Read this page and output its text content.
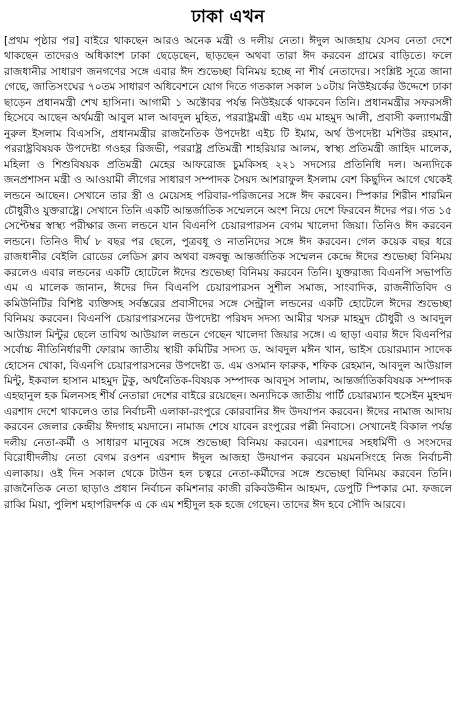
ঢাকা এখন

[প্রথম পৃষ্ঠার পর] বাইরে থাকছেন আরও অনেক মন্ত্রী ও দলীয় নেতা। ঈদুল আজহায় যেসব নেতা দেশে থাকছেন তাদেরও অধিকাংশ ঢাকা ছেড়েছেন, ছাড়ছেন অথবা তারা ঈদ করবেন গ্রামের বাড়িতে। ফলে রাজধানীর সাধারণ জনগণের সঙ্গে এবার ঈদ শুভেচ্ছা বিনিময় হচ্ছে না শীর্ষ নেতাদের। সংশ্লিষ্ট সূত্রে জানা গেছে, জাতিসংঘের ৭০তম সাধারণ অধিবেশনে যোগ দিতে গতকাল সকাল ১০টায় নিউইয়র্কের উদ্দেশে ঢাকা ছাড়েন প্রধানমন্ত্রী শেখ হাসিনা। আগামী ১ অক্টোবর পর্যন্ত নিউইয়র্কে থাকবেন তিনি। প্রধানমন্ত্রীর সফরসঙ্গী হিসেবে আছেন অর্থমন্ত্রী আবুল মাল আবদুল মুহিত, পররাষ্ট্রমন্ত্রী এইচ এম মাহমুদ আলী, প্রবাসী কল্যাণমন্ত্রী নুরুল ইসলাম বিএসসি, প্রধানমন্ত্রীর রাজনৈতিক উপদেষ্টা এইচ টি ইমাম, অর্থ উপদেষ্টা মশিউর রহমান, পররাষ্ট্রবিষয়ক উপদেষ্টা গওহর রিজভী, পররাষ্ট্র প্রতিমন্ত্রী শাহরিয়ার আলম, স্বাস্থ্য প্রতিমন্ত্রী জাহিদ মালেক, মহিলা ও শিশুবিষয়ক প্রতিমন্ত্রী মেহের আফরোজ চুমকিসহ ২২১ সদস্যের প্রতিনিধি দল। অন্যদিকে জনপ্রশাসন মন্ত্রী ও আওয়ামী লীগের সাধারণ সম্পাদক সৈয়দ আশরাফুল ইসলাম বেশ কিছুদিন আগে থেকেই লন্ডনে আছেন। সেখানে তার স্ত্রী ও মেয়েসহ পরিবার-পরিজনের সঙ্গে ঈদ করবেন। স্পিকার শিরীন শারমিন চৌধুরীও যুক্তরাষ্ট্রে। সেখানে তিনি একটি আন্তর্জাতিক সম্মেলনে অংশ নিয়ে দেশে ফিরবেন ঈদের পর। গত ১৫ সেপ্টেম্বর স্বাস্থ্য পরীক্ষার জন্য লন্ডনে যান বিএনপি চেয়ারপারসন বেগম খালেদা জিয়া। তিনিও ঈদ করবেন লন্ডনে। তিনিও দীর্ঘ ৮ বছর পর ছেলে, পুত্রবধূ ও নাতনিদের সঙ্গে ঈদ করবেন। গেল কয়েক বছর ধরে রাজধানীর বেইলি রোডের লেডিস ক্লাব অথবা বঙ্গবন্ধু আন্তর্জাতিক সম্মেলন কেন্দ্রে ঈদের শুভেচ্ছা বিনিময় করলেও এবার লন্ডনের একটি হোটেলে ঈদের শুভেচ্ছা বিনিময় করবেন তিনি। যুক্তরাজ্য বিএনপি সভাপতি এম এ মালেক জানান, ঈদের দিন বিএনপি চেয়ারপারসন সুশীল সমাজ, সাংবাদিক, রাজনীতিবিদ ও কমিউনিটির বিশিষ্ট ব্যক্তিসহ সর্বস্তরের প্রবাসীদের সঙ্গে সেন্ট্রাল লন্ডনের একটি হোটেলে ঈদের শুভেচ্ছা বিনিময় করবেন। বিএনপি চেয়ারপারসনের উপদেষ্টা পরিষদ সদস্য আমীর খসরু মাহমুদ চৌধুরী ও আবদুল আউয়াল মিন্টুর ছেলে তাবিথ আউয়াল লন্ডনে গেছেন খালেদা জিয়ার সঙ্গে। এ ছাড়া এবার ঈদে বিএনপির সর্বোচ্চ নীতিনির্ধারণী ফোরাম জাতীয় স্থায়ী কমিটির সদস্য ড. আবদুল মঈন খান, ভাইস চেয়ারম্যান সাদেক হোসেন খোকা, বিএনপি চেয়ারপারসনের উপদেষ্টা ড. এম ওসমান ফারুক, শফিক রেহমান, আবদুল আউয়াল মিন্টু, ইকবাল হাসান মাহমুদ টুকু, অর্থনৈতিক-বিষয়ক সম্পাদক আবদুস সালাম, আন্তর্জাতিকবিষয়ক সম্পাদক এহছানুল হক মিলনসহ শীর্ষ নেতারা দেশের বাইরে রয়েছেন। অন্যদিকে জাতীয় পার্টি চেয়ারম্যান হুসেইন মুহম্মদ এরশাদ দেশে থাকলেও তার নির্বাচনী এলাকা-রংপুরে কোরবানির ঈদ উদযাপন করবেন। ঈদের নামাজ আদায় করবেন জেলার কেন্দ্রীয় ঈদগাহ ময়দানে। নামাজ শেষে যাবেন রংপুরের পল্লী নিবাসে। সেখানেই বিকাল পর্যন্ত দলীয় নেতা-কর্মী ও সাধারণ মানুষের সঙ্গে শুভেচ্ছা বিনিময় করবেন। এরশাদের সহধর্মিণী ও সংসদের বিরোধীদলীয় নেতা বেগম রওশন এরশাদ ঈদুল আজহা উদযাপন করবেন ময়মনসিংহে নিজ নির্বাচনী এলাকায়। ওই দিন সকাল থেকে টাউন হল চত্বরে নেতা-কর্মীদের সঙ্গে শুভেচ্ছা বিনিময় করবেন তিনি। রাজনৈতিক নেতা ছাড়াও প্রধান নির্বাচন কমিশনার কাজী রকিবউদ্দীন আহমদ, ডেপুটি স্পিকার মো. ফজলে রাব্বি মিয়া, পুলিশ মহাপরিদর্শক এ কে এম শহীদুল হক হজে গেছেন। তাদের ঈদ হবে সৌদি আরবে।
